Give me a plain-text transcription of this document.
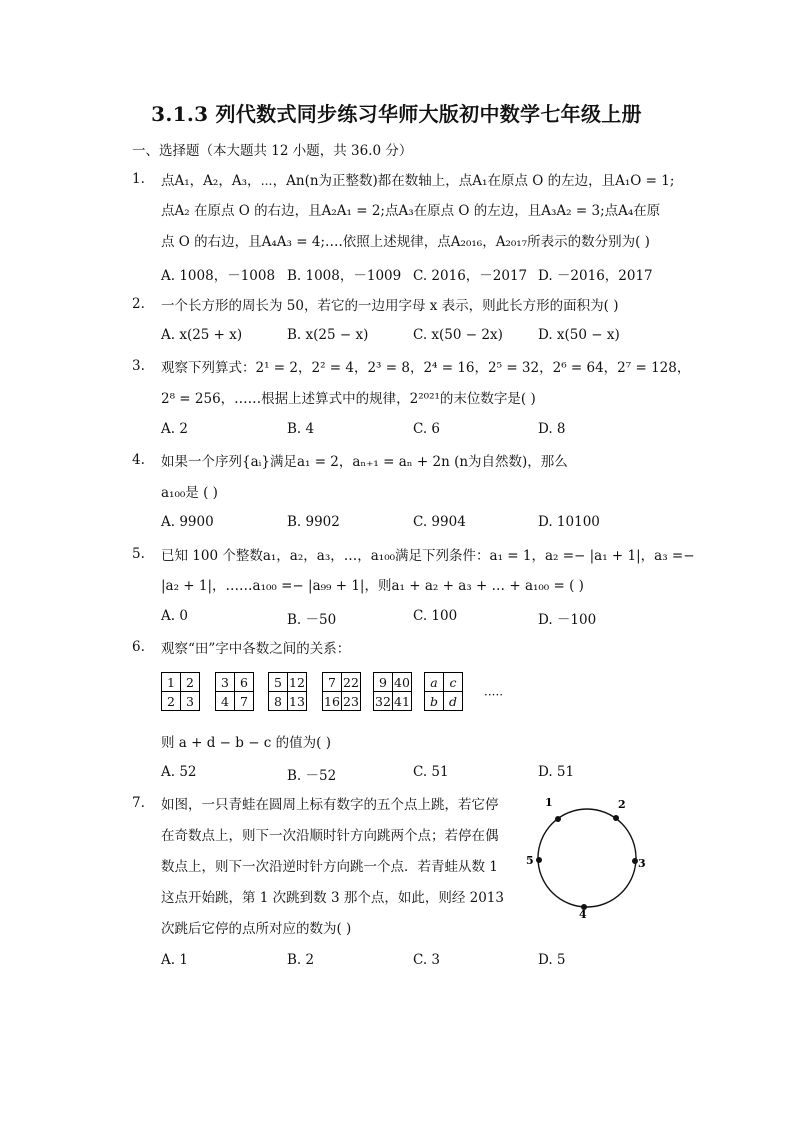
3.1.3 列代数式同步练习华师大版初中数学七年级上册
一、选择题（本大题共 12 小题，共 36.0 分）
1. 点A₁，A₂，A₃，⋯，An(n为正整数)都在数轴上，点A₁在原点 O 的左边，且A₁O = 1;
点A₂ 在原点 O 的右边，且A₂A₁ = 2;点A₃在原点 O 的左边，且A₃A₂ = 3;点A₄在原
点 O 的右边，且A₄A₃ = 4;….依照上述规律，点A₂₀₁₆，A₂₀₁₇所表示的数分别为( )
A. 1008，－1008 B. 1008，－1009 C. 2016，－2017 D. －2016，2017
2. 一个长方形的周长为 50，若它的一边用字母 x 表示，则此长方形的面积为( )
A. x(25 + x)	B. x(25 − x)	C. x(50 − 2x)	D. x(50 − x)
3. 观察下列算式：2¹ = 2，2² = 4，2³ = 8，2⁴ = 16，2⁵ = 32，2⁶ = 64，2⁷ = 128，
2⁸ = 256，……根据上述算式中的规律，2²⁰²¹的末位数字是( )
A. 2	B. 4	C. 6	D. 8
4. 如果一个序列{aᵢ}满足a₁ = 2，aₙ₊₁ = aₙ + 2n (n为自然数)，那么
a₁₀₀是 ( )
A. 9900	B. 9902	C. 9904	D. 10100
5. 已知 100 个整数a₁，a₂，a₃，…，a₁₀₀满足下列条件：a₁ = 1，a₂ =− |a₁ + 1|，a₃ =−
|a₂ + 1|，……a₁₀₀ =− |a₉₉ + 1|，则a₁ + a₂ + a₃ + … + a₁₀₀ = ( )
A. 0	B. －50	C. 100	D. －100
6. 观察“田”字中各数之间的关系：
1	2
2	3
3	6
4	7
5	12
8	13
7	22
16	23
9	40
32	41
a	c
b	d ·····
则 a + d − b − c 的值为( )
A. 52	B. －52	C. 51	D. 51
7. 如图，一只青蛙在圆周上标有数字的五个点上跳，若它停
在奇数点上，则下一次沿顺时针方向跳两个点；若停在偶
数点上，则下一次沿逆时针方向跳一个点．若青蛙从数 1
这点开始跳，第 1 次跳到数 3 那个点，如此，则经 2013
次跳后它停的点所对应的数为( )
1	2
3
4
5
A. 1	B. 2	C. 3	D. 5
